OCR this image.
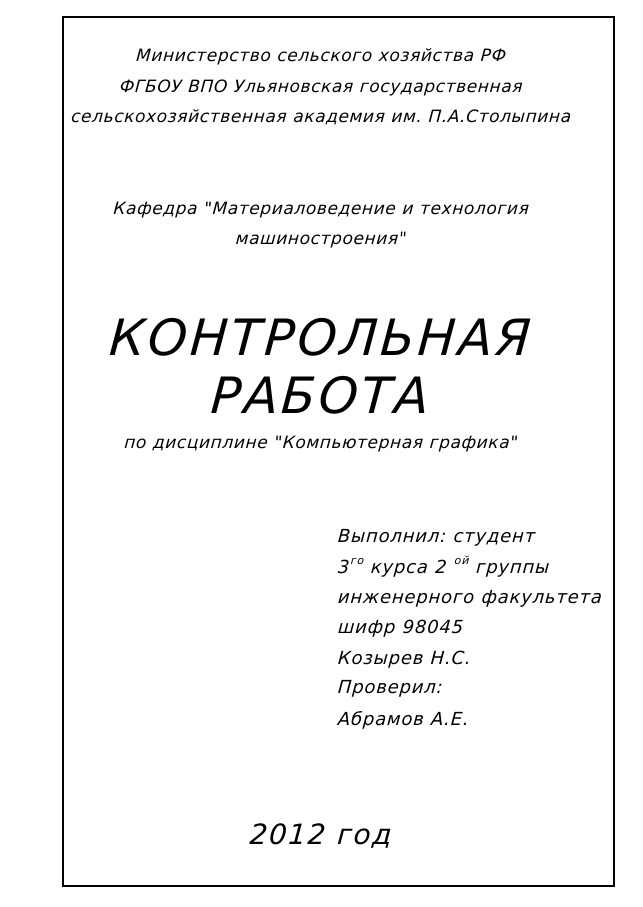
Министерство сельского хозяйства РФ
ФГБОУ ВПО Ульяновская государственная
сельскохозяйственная академия им. П.А.Столыпина
Кафедра "Материаловедение и технология
машиностроения"
КОНТРОЛЬНАЯ
РАБОТА
по дисциплине "Компьютерная графика"
Выполнил: студент
$3^{го}$ курса 2 $^{ой}$ группы
инженерного факультета
шифр 98045
Козырев Н.С.
Проверил:
Абрамов А.Е.
2012 год
